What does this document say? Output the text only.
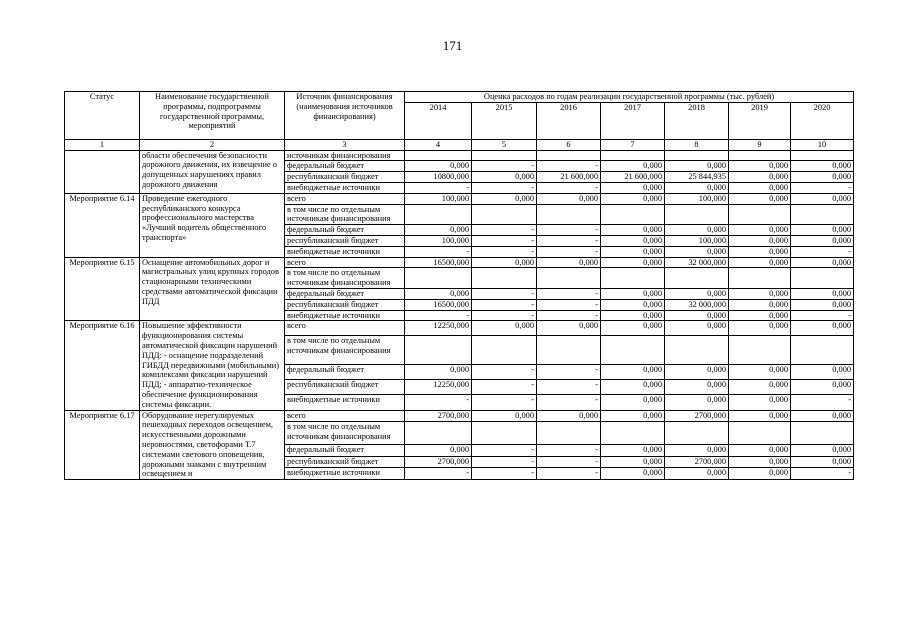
171
Статус	Наименование государственной программы, подпрограммы государственной программы, мероприятий	Источник финансирования (наименования источников финансирования)	Оценка расходов по годам реализации государственной программы (тыс. рублей)						
			2014	2015	2016	2017	2018	2019	2020
1	2	3	4	5	6	7	8	9	10
	области обеспечения безопасности дорожного движения, их извещение о допущенных нарушениях правил дорожного движения	источникам финансирования							
		федеральный бюджет	0,000	-	-	0,000	0,000	0,000	0,000
		республиканский бюджет	10800,000	0,000	21 600,000	21 600,000	25 844,935	0,000	0,000
		внебюджетные источники	-	-	-	0,000	0,000	0,000	-
Мероприятие 6.14	Проведение ежегодного республиканского конкурса профессионального мастерства «Лучший водитель общественного транспорта»	всего	100,000	0,000	0,000	0,000	100,000	0,000	0,000
		в том числе по отдельным источникам финансирования							
		федеральный бюджет	0,000	-	-	0,000	0,000	0,000	0,000
		республиканский бюджет	100,000	-	-	0,000	100,000	0,000	0,000
		внебюджетные источники	-	-	-	0,000	0,000	0,000	-
Мероприятие 6.15	Оснащение автомобильных дорог и магистральных улиц крупных городов стационарными техническими средствами автоматической фиксации ПДД	всего	16500,000	0,000	0,000	0,000	32 000,000	0,000	0,000
		в том числе по отдельным источникам финансирования							
		федеральный бюджет	0,000	-	-	0,000	0,000	0,000	0,000
		республиканский бюджет	16500,000	-	-	0,000	32 000,000	0,000	0,000
		внебюджетные источники	-	-	-	0,000	0,000	0,000	-
Мероприятие 6.16	Повышение эффективности функционирования системы автоматической фиксации нарушений ПДД: - оснащение подразделений ГИБДД передвижными (мобильными) комплексами фиксации нарушений ПДД; - аппаратно-техническое обеспечение функционирования системы фиксации.	всего	12250,000	0,000	0,000	0,000	0,000	0,000	0,000
		в том числе по отдельным источникам финансирования							
		федеральный бюджет	0,000	-	-	0,000	0,000	0,000	0,000
		республиканский бюджет	12250,000	-	-	0,000	0,000	0,000	0,000
		внебюджетные источники	-	-	-	0,000	0,000	0,000	-
Мероприятие 6.17	Оборудование нерегулируемых пешеходных переходов освещением, искусственными дорожными неровностями, светофорами Т.7 системами светового оповещения, дорожными знаками с внутренним освещением и	всего	2700,000	0,000	0,000	0,000	2700,000	0,000	0,000
		в том числе по отдельным источникам финансирования							
		федеральный бюджет	0,000	-	-	0,000	0,000	0,000	0,000
		республиканский бюджет	2700,000	-	-	0,000	2700,000	0,000	0,000
		внебюджетные источники	-	-	-	0,000	0,000	0,000	-
